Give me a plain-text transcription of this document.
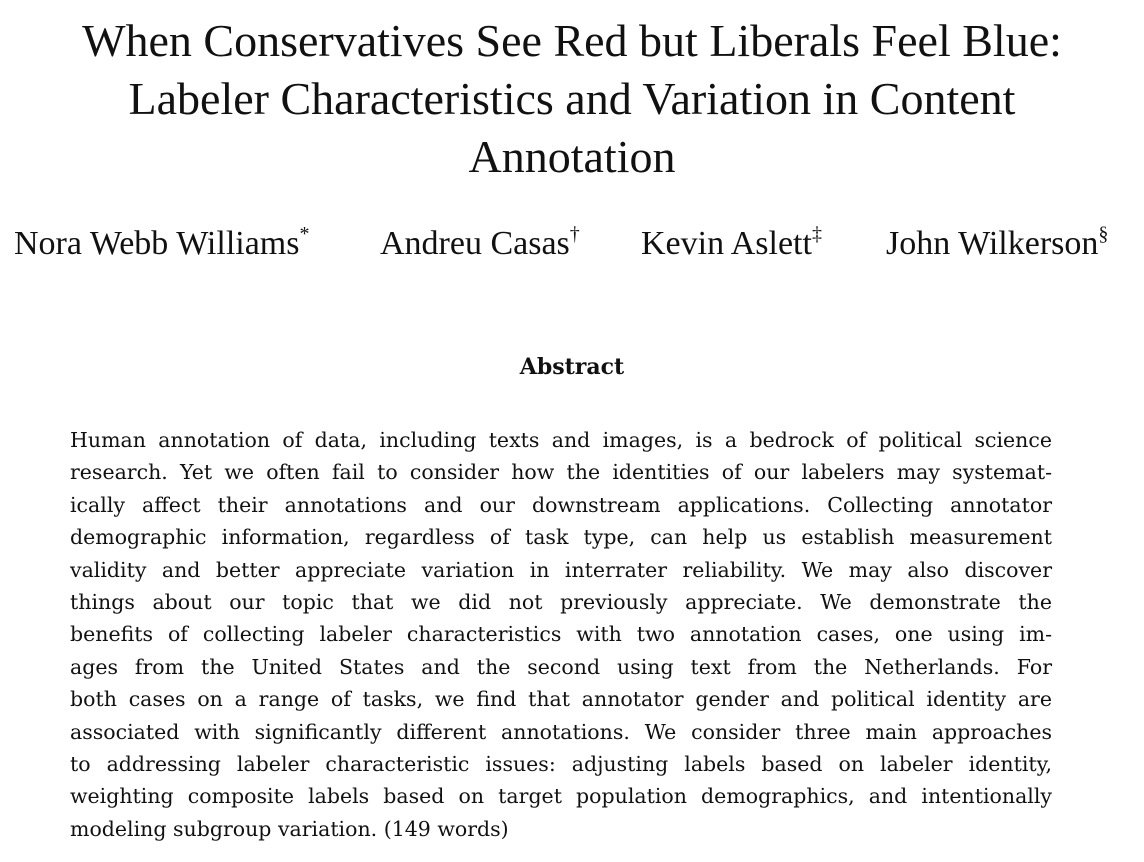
When Conservatives See Red but Liberals Feel Blue:
Labeler Characteristics and Variation in Content
Annotation
Nora Webb Williams* Andreu Casas† Kevin Aslett‡ John Wilkerson§
Abstract
Human annotation of data, including texts and images, is a bedrock of political science
research. Yet we often fail to consider how the identities of our labelers may systemat-
ically affect their annotations and our downstream applications. Collecting annotator
demographic information, regardless of task type, can help us establish measurement
validity and better appreciate variation in interrater reliability. We may also discover
things about our topic that we did not previously appreciate. We demonstrate the
benefits of collecting labeler characteristics with two annotation cases, one using im-
ages from the United States and the second using text from the Netherlands. For
both cases on a range of tasks, we find that annotator gender and political identity are
associated with significantly different annotations. We consider three main approaches
to addressing labeler characteristic issues: adjusting labels based on labeler identity,
weighting composite labels based on target population demographics, and intentionally
modeling subgroup variation. (149 words)
